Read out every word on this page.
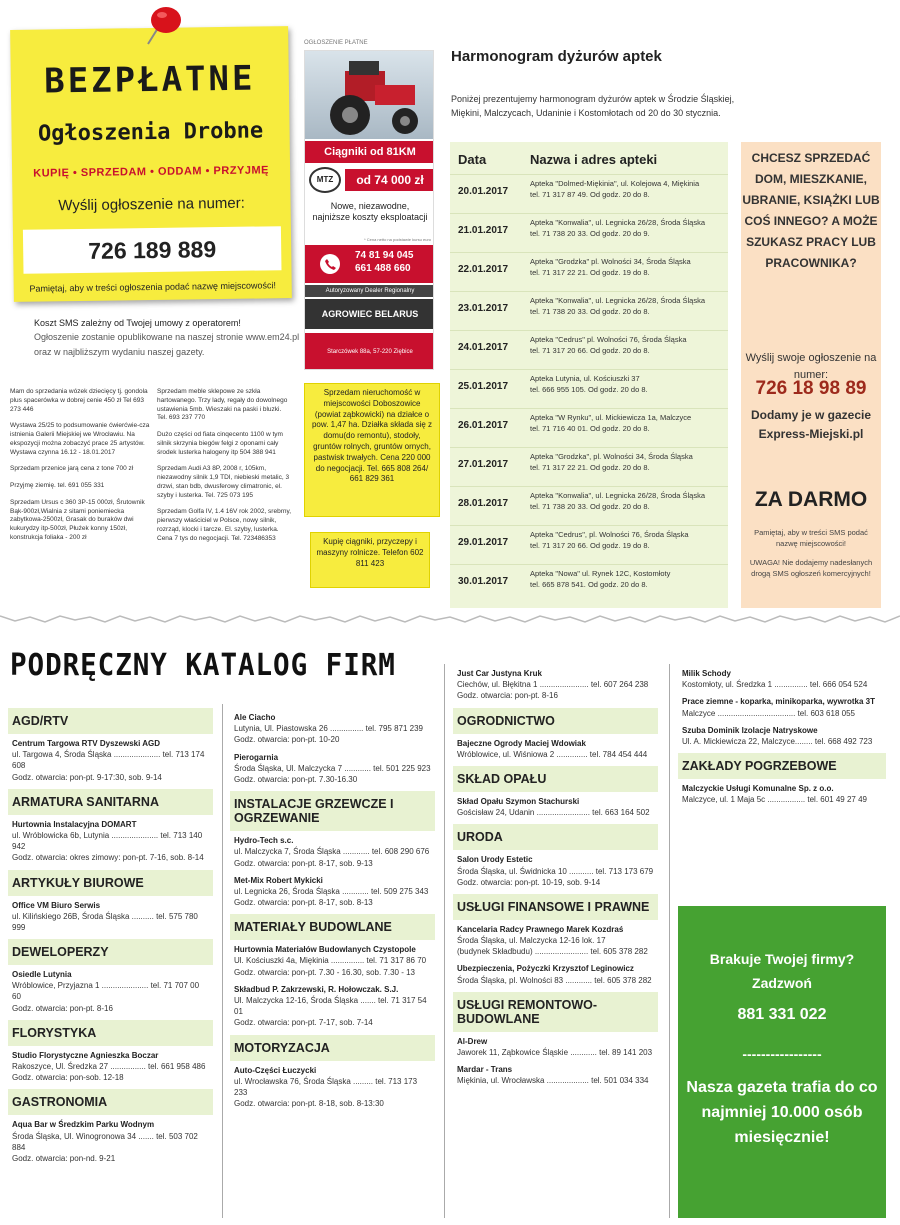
BEZPŁATNE
Ogłoszenia Drobne
KUPIĘ • SPRZEDAM • ODDAM • PRZYJMĘ
Wyślij ogłoszenie na numer:
726 189 889
Pamiętaj, aby w treści ogłoszenia podać nazwę miejscowości!
Koszt SMS zależny od Twojej umowy z operatorem!
Ogłoszenie zostanie opublikowane na naszej stronie www.em24.pl
oraz w najbliższym wydaniu naszej gazety.
OGŁOSZENIE PŁATNE
Ciągniki od 81KM
MTZ	od 74 000 zł
Nowe, niezawodne,
najniższe koszty eksploatacji
* Cena netto na podstawie kursu euro
74 81 94 045
661 488 660
Autoryzowany Dealer Regionalny
AGROWIEC BELARUS
Starczówek 88a, 57-220 Ziębice

Mam do sprzedania wózek dziecięcy tj. gondola plus spacerówka w dobrej cenie 450 zł Tel 693 273 446

Wystawa 25/25 to podsumowanie ćwierćwie-cza istnienia Galerii Miejskiej we Wrocławiu. Na ekspozycji można zobaczyć prace 25 artystów. Wystawa czynna 16.12 - 18.01.2017

Sprzedam przenice jarą cena z tone 700 zł

Przyjmę ziemię. tel. 691 055 331

Sprzedam Ursus c 360 3P-15 000zł, Śrutownik Bąk-900zł,Wialnia z sitami poniemiecka zabytkowa-2500zł, Grasak do buraków dwi kukurydzy itp-500zł, Płużek konny 150zł, konstrukcja foliaka - 200 zł

Sprzedam meble sklepowe ze szkła hartowanego. Trzy lady, regały do dowolnego ustawienia 5mb. Wieszaki na paski i bluzki. Tel. 693 237 770

Dużo części od fiata cinqecento 1100 w tym silnik skrzynia biegów felgi z oponami cały środek lusterka halogeny itp 504 388 941

Sprzedam Audi A3 8P, 2008 r, 105km, niezawodny silnik 1,9 TDI, niebieski metalic, 3 drzwi, stan bdb, dwusferowy climatronic, el. szyby i lusterka. Tel. 725 073 195

Sprzedam Golfa IV, 1.4 16V rok 2002, srebrny, pierwszy właściciel w Polsce, nowy silnik, rozrząd, klocki i tarcze. El. szyby, lusterka. Cena 7 tys do negocjacji. Tel. 723486353

Sprzedam nieruchomość w miejscowości Doboszowice (powiat ząbkowicki) na działce o pow. 1,47 ha. Działka składa się z domu(do remontu), stodoły, gruntów rolnych, gruntów ornych, pastwisk trwałych. Cena 220 000 do negocjacji. Tel. 665 808 264/ 661 829 361
Kupię ciągniki, przyczepy i maszyny rolnicze. Telefon 602 811 423
Harmonogram dyżurów aptek
Poniżej prezentujemy harmonogram dyżurów aptek w Środzie Śląskiej, Miękini, Malczycach, Udaninie i Kostomłotach od 20 do 30 stycznia.
Data	Nazwa i adres apteki
20.01.2017
Apteka "Dolmed-Miękinia", ul. Kolejowa 4, Miękinia
tel. 71 317 87 49. Od godz. 20 do 8.
21.01.2017
Apteka "Konwalia", ul. Legnicka 26/28, Środa Śląska
tel. 71 738 20 33. Od godz. 20 do 9.
22.01.2017
Apteka "Grodzka" pl. Wolności 34, Środa Śląska
tel. 71 317 22 21. Od godz. 19 do 8.
23.01.2017
Apteka "Konwalia", ul. Legnicka 26/28, Środa Śląska
tel. 71 738 20 33. Od godz. 20 do 8.
24.01.2017
Apteka "Cedrus" pl. Wolności 76, Środa Śląska
tel. 71 317 20 66. Od godz. 20 do 8.
25.01.2017
Apteka Lutynia, ul. Kościuszki 37
tel. 666 955 105. Od godz. 20 do 8.
26.01.2017
Apteka "W Rynku", ul. Mickiewicza 1a, Malczyce
tel. 71 716 40 01. Od godz. 20 do 8.
27.01.2017
Apteka "Grodzka", pl. Wolności 34, Środa Śląska
tel. 71 317 22 21. Od godz. 20 do 8.
28.01.2017
Apteka "Konwalia", ul. Legnicka 26/28, Środa Śląska
tel. 71 738 20 33. Od godz. 20 do 8.
29.01.2017
Apteka "Cedrus", pl. Wolności 76, Środa Śląska
tel. 71 317 20 66. Od godz. 19 do 8.
30.01.2017
Apteka "Nowa" ul. Rynek 12C, Kostomłoty
tel. 665 878 541. Od godz. 20 do 8.
CHCESZ SPRZEDAĆ DOM, MIESZKANIE, UBRANIE, KSIĄŻKI LUB COŚ INNEGO? A MOŻE SZUKASZ PRACY LUB PRACOWNIKA?
Wyślij swoje ogłoszenie na numer:
726 18 98 89
Dodamy je w gazecie Express-Miejski.pl
ZA DARMO
Pamiętaj, aby w treści SMS podać nazwę miejscowości!
UWAGA! Nie dodajemy nadesłanych drogą SMS ogłoszeń komercyjnych!
PODRĘCZNY KATALOG FIRM
AGD/RTV
Centrum Targowa RTV Dyszewski AGD
ul. Targowa 4, Środa Śląska ..................... tel. 713 174 608
Godz. otwarcia: pon-pt. 9-17:30, sob. 9-14
ARMATURA SANITARNA
Hurtownia Instalacyjna DOMART
ul. Wróblowicka 6b, Lutynia ..................... tel. 713 140 942
Godz. otwarcia: okres zimowy: pon-pt. 7-16, sob. 8-14
ARTYKUŁY BIUROWE
Office VM Biuro Serwis
ul. Kilińskiego 26B, Środa Śląska .......... tel. 575 780 999
DEWELOPERZY
Osiedle Lutynia
Wróblowice, Przyjazna 1 ..................... tel. 71 707 00 60
Godz. otwarcia: pon-pt. 8-16
FLORYSTYKA
Studio Florystyczne Agnieszka Boczar
Rakoszyce, Ul. Średzka 27 ................ tel. 661 958 486
Godz. otwarcia: pon-sob. 12-18
GASTRONOMIA
Aqua Bar w Średzkim Parku Wodnym
Środa Śląska, Ul. Winogronowa 34 ....... tel. 503 702 884
Godz. otwarcia: pon-nd. 9-21
Ale Ciacho
Lutynia, Ul. Piastowska 26 ............... tel. 795 871 239
Godz. otwarcia: pon-pt. 10-20
Pierogarnia
Środa Śląska, Ul. Malczycka 7 ............ tel. 501 225 923
Godz. otwarcia: pon-pt. 7.30-16.30
INSTALACJE GRZEWCZE I OGRZEWANIE
Hydro-Tech s.c.
ul. Malczycka 7, Środa Śląska ............ tel. 608 290 676
Godz. otwarcia: pon-pt. 8-17, sob. 9-13
Met-Mix Robert Mykicki
ul. Legnicka 26, Środa Śląska ............ tel. 509 275 343
Godz. otwarcia: pon-pt. 8-17, sob. 8-13
MATERIAŁY BUDOWLANE
Hurtownia Materiałów Budowlanych Czystopole
Ul. Kościuszki 4a, Miękinia ............... tel. 71 317 86 70
Godz. otwarcia: pon-pt. 7.30 - 16.30, sob. 7.30 - 13
Składbud P. Zakrzewski, R. Hołowczak. S.J.
Ul. Malczycka 12-16, Środa Śląska ....... tel. 71 317 54 01
Godz. otwarcia: pon-pt. 7-17, sob. 7-14
MOTORYZACJA
Auto-Części Łuczycki
ul. Wrocławska 76, Środa Śląska ......... tel. 713 173 233
Godz. otwarcia: pon-pt. 8-18, sob. 8-13:30
Just Car Justyna Kruk
Ciechów, ul. Błękitna 1 ...................... tel. 607 264 238
Godz. otwarcia: pon-pt. 8-16
OGRODNICTWO
Bajeczne Ogrody Maciej Wdowiak
Wróblowice, ul. Wiśniowa 2 .............. tel. 784 454 444
SKŁAD OPAŁU
Skład Opału Szymon Stachurski
Gościsław 24, Udanin ........................ tel. 663 164 502
URODA
Salon Urody Estetic
Środa Śląska, ul. Świdnicka 10 ........... tel. 713 173 679
Godz. otwarcia: pon-pt. 10-19, sob. 9-14
USŁUGI FINANSOWE I PRAWNE
Kancelaria Radcy Prawnego Marek Kozdraś
Środa Śląska, ul. Malczycka 12-16 lok. 17
(budynek Składbudu) ........................ tel. 605 378 282
Ubezpieczenia, Pożyczki Krzysztof Leginowicz
Środa Śląska, pl. Wolności 83 ............ tel. 605 378 282
USŁUGI REMONTOWO-BUDOWLANE
Al-Drew
Jaworek 11, Ząbkowice Śląskie ............ tel. 89 141 203
Mardar - Trans
Miękinia, ul. Wrocławska ................... tel. 501 034 334
Milik Schody
Kostomłoty, ul. Średzka 1 ............... tel. 666 054 524
Prace ziemne - koparka, minikoparka, wywrotka 3T
Malczyce ................................... tel. 603 618 055
Szuba Dominik Izolacje Natryskowe
Ul. A. Mickiewicza 22, Malczyce........ tel. 668 492 723
ZAKŁADY POGRZEBOWE
Malczyckie Usługi Komunalne Sp. z o.o.
Malczyce, ul. 1 Maja 5c ................. tel. 601 49 27 49
Brakuje Twojej firmy? Zadzwoń
881 331 022
-----------------
Nasza gazeta trafia do co najmniej 10.000 osób miesięcznie!
